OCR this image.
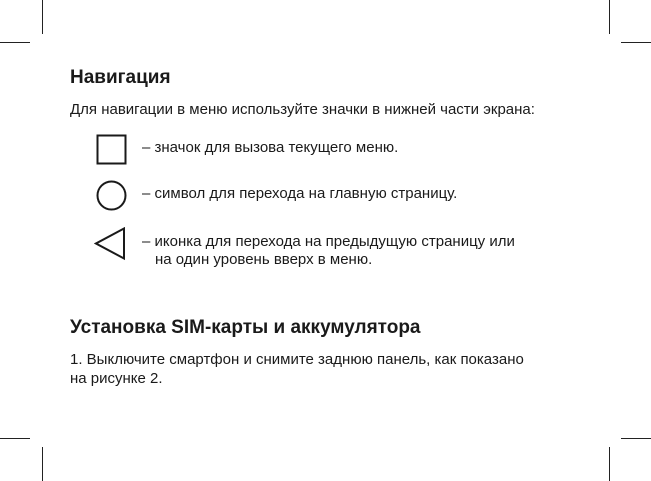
Навигация

Для навигации в меню используйте значки в нижней части экрана:

– значок для вызова текущего меню.

– символ для перехода на главную страницу.

– иконка для перехода на предыдущую страницу или
на один уровень вверх в меню.

Установка SIM-карты и аккумулятора

1. Выключите смартфон и снимите заднюю панель, как показано

на рисунке 2.
